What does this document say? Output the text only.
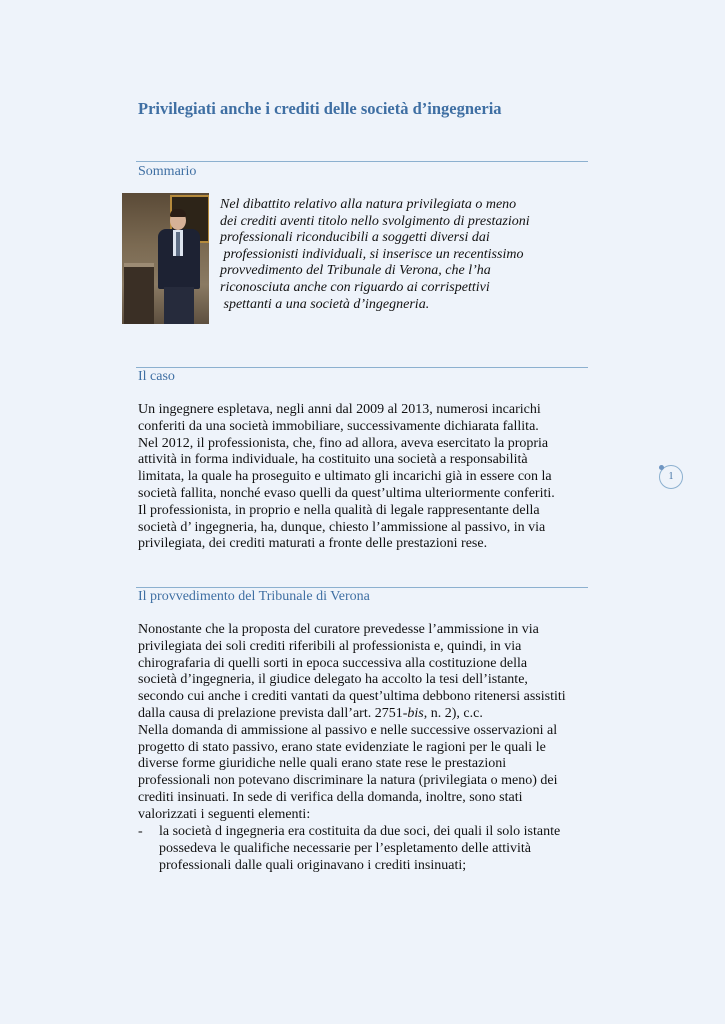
Privilegiati anche i crediti delle società d’ingegneria
Sommario
Nel dibattito relativo alla natura privilegiata o meno
dei crediti aventi titolo nello svolgimento di prestazioni
professionali riconducibili a soggetti diversi dai
professionisti individuali, si inserisce un recentissimo
provvedimento del Tribunale di Verona, che l’ha
riconosciuta anche con riguardo ai corrispettivi
spettanti a una società d’ingegneria.
Il caso
Un ingegnere espletava, negli anni dal 2009 al 2013, numerosi incarichi
conferiti da una società immobiliare, successivamente dichiarata fallita.
Nel 2012, il professionista, che, fino ad allora, aveva esercitato la propria
attività in forma individuale, ha costituito una società a responsabilità
limitata, la quale ha proseguito e ultimato gli incarichi già in essere con la
società fallita, nonché evaso quelli da quest’ultima ulteriormente conferiti.
Il professionista, in proprio e nella qualità di legale rappresentante della
società d’ ingegneria, ha, dunque, chiesto l’ammissione al passivo, in via
privilegiata, dei crediti maturati a fronte delle prestazioni rese.
1
Il provvedimento del Tribunale di Verona
Nonostante che la proposta del curatore prevedesse l’ammissione in via
privilegiata dei soli crediti riferibili al professionista e, quindi, in via
chirografaria di quelli sorti in epoca successiva alla costituzione della
società d’ingegneria, il giudice delegato ha accolto la tesi dell’istante,
secondo cui anche i crediti vantati da quest’ultima debbono ritenersi assistiti
dalla causa di prelazione prevista dall’art. 2751-bis, n. 2), c.c.
Nella domanda di ammissione al passivo e nelle successive osservazioni al
progetto di stato passivo, erano state evidenziate le ragioni per le quali le
diverse forme giuridiche nelle quali erano state rese le prestazioni
professionali non potevano discriminare la natura (privilegiata o meno) dei
crediti insinuati. In sede di verifica della domanda, inoltre, sono stati
valorizzati i seguenti elementi:
- la società d ingegneria era costituita da due soci, dei quali il solo istante
possedeva le qualifiche necessarie per l’espletamento delle attività
professionali dalle quali originavano i crediti insinuati;
